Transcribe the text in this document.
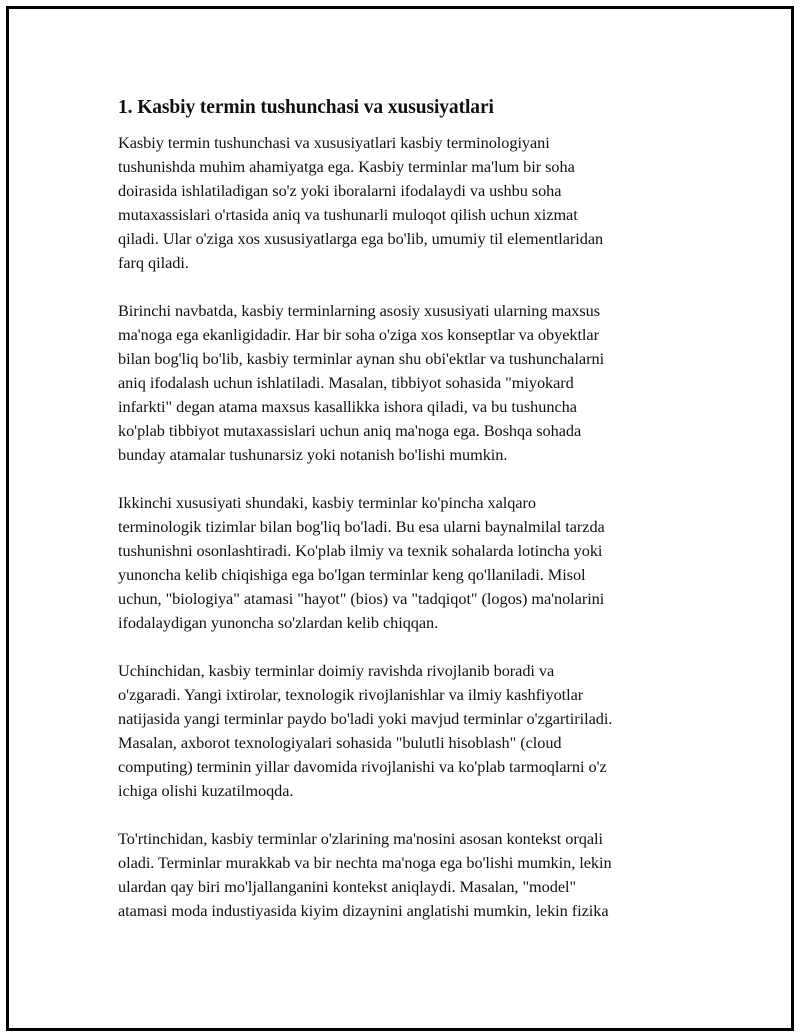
1. Kasbiy termin tushunchasi va xususiyatlari

Kasbiy termin tushunchasi va xususiyatlari kasbiy terminologiyani
tushunishda muhim ahamiyatga ega. Kasbiy terminlar ma'lum bir soha
doirasida ishlatiladigan so'z yoki iboralarni ifodalaydi va ushbu soha
mutaxassislari o'rtasida aniq va tushunarli muloqot qilish uchun xizmat
qiladi. Ular o'ziga xos xususiyatlarga ega bo'lib, umumiy til elementlaridan
farq qiladi.

Birinchi navbatda, kasbiy terminlarning asosiy xususiyati ularning maxsus
ma'noga ega ekanligidadir. Har bir soha o'ziga xos konseptlar va obyektlar
bilan bog'liq bo'lib, kasbiy terminlar aynan shu obi'ektlar va tushunchalarni
aniq ifodalash uchun ishlatiladi. Masalan, tibbiyot sohasida "miyokard
infarkti" degan atama maxsus kasallikka ishora qiladi, va bu tushuncha
ko'plab tibbiyot mutaxassislari uchun aniq ma'noga ega. Boshqa sohada
bunday atamalar tushunarsiz yoki notanish bo'lishi mumkin.

Ikkinchi xususiyati shundaki, kasbiy terminlar ko'pincha xalqaro
terminologik tizimlar bilan bog'liq bo'ladi. Bu esa ularni baynalmilal tarzda
tushunishni osonlashtiradi. Ko'plab ilmiy va texnik sohalarda lotincha yoki
yunoncha kelib chiqishiga ega bo'lgan terminlar keng qo'llaniladi. Misol
uchun, "biologiya" atamasi "hayot" (bios) va "tadqiqot" (logos) ma'nolarini
ifodalaydigan yunoncha so'zlardan kelib chiqqan.

Uchinchidan, kasbiy terminlar doimiy ravishda rivojlanib boradi va
o'zgaradi. Yangi ixtirolar, texnologik rivojlanishlar va ilmiy kashfiyotlar
natijasida yangi terminlar paydo bo'ladi yoki mavjud terminlar o'zgartiriladi.
Masalan, axborot texnologiyalari sohasida "bulutli hisoblash" (cloud
computing) terminin yillar davomida rivojlanishi va ko'plab tarmoqlarni o'z
ichiga olishi kuzatilmoqda.

To'rtinchidan, kasbiy terminlar o'zlarining ma'nosini asosan kontekst orqali
oladi. Terminlar murakkab va bir nechta ma'noga ega bo'lishi mumkin, lekin
ulardan qay biri mo'ljallanganini kontekst aniqlaydi. Masalan, "model"
atamasi moda industiyasida kiyim dizaynini anglatishi mumkin, lekin fizika
